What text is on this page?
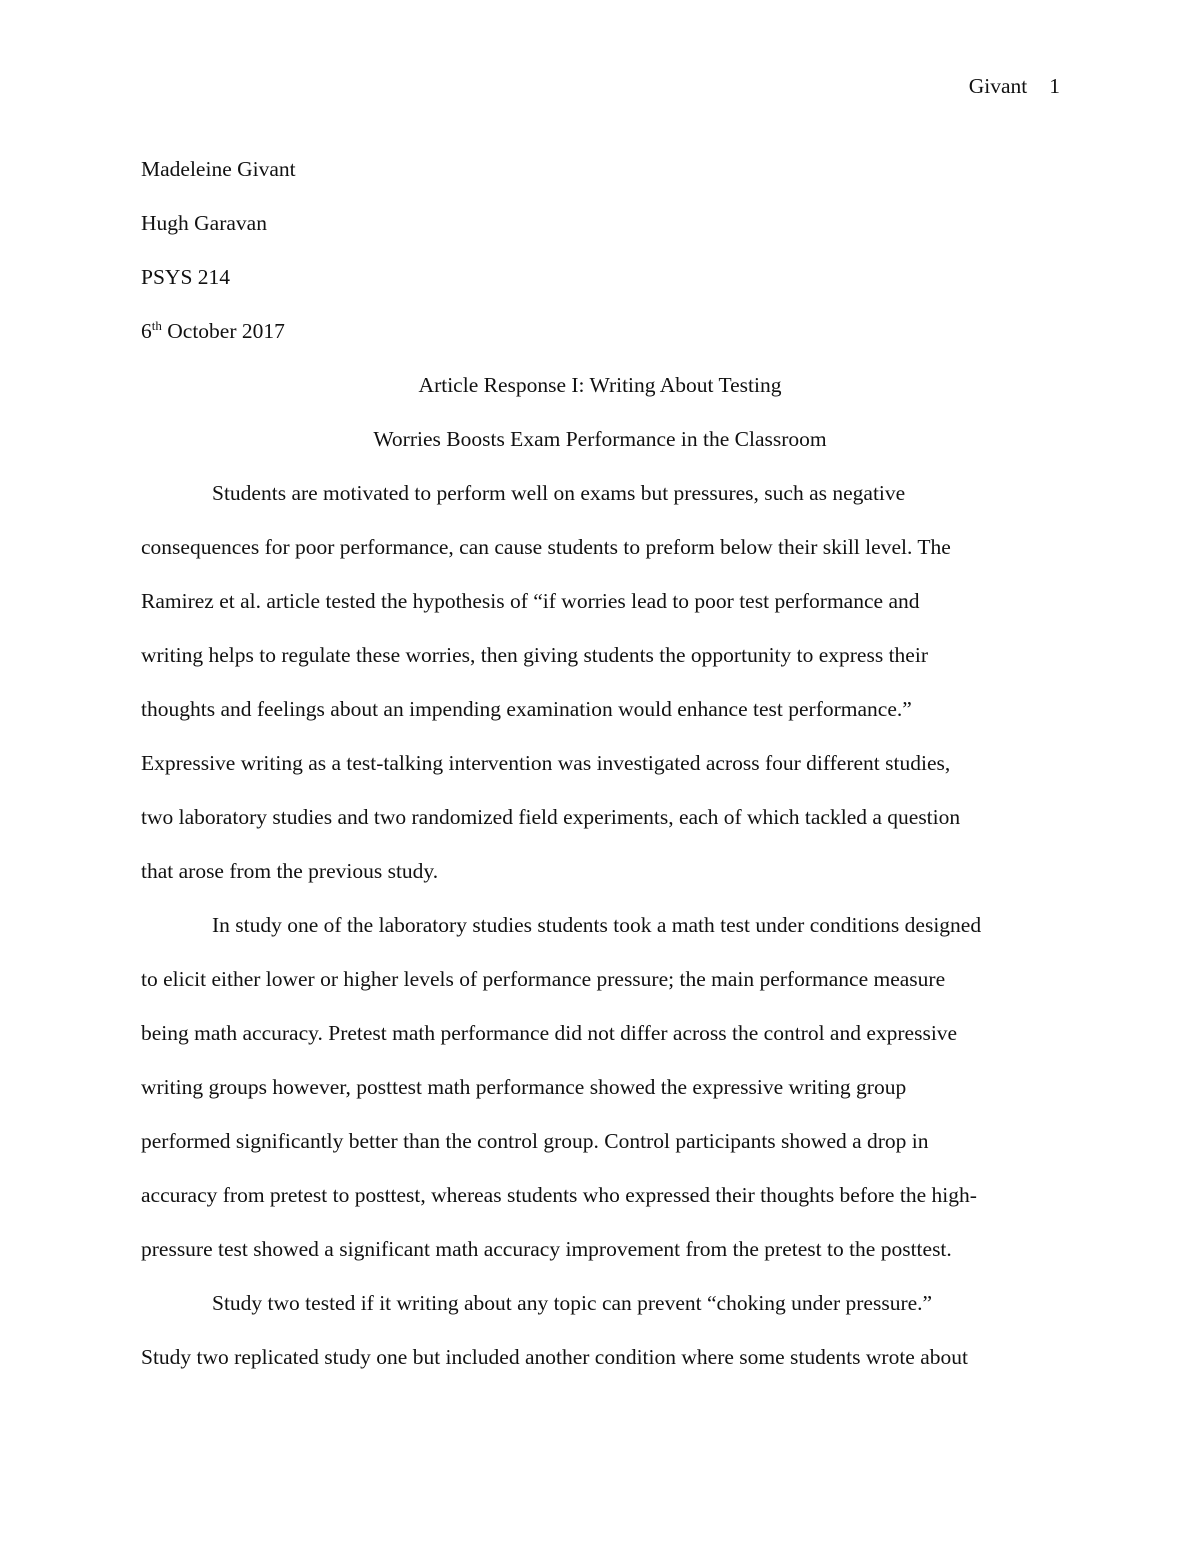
Givant 1
Madeleine Givant
Hugh Garavan
PSYS 214
6th October 2017
Article Response I: Writing About Testing
Worries Boosts Exam Performance in the Classroom
Students are motivated to perform well on exams but pressures, such as negative
consequences for poor performance, can cause students to preform below their skill level. The
Ramirez et al. article tested the hypothesis of “if worries lead to poor test performance and
writing helps to regulate these worries, then giving students the opportunity to express their
thoughts and feelings about an impending examination would enhance test performance.”
Expressive writing as a test-talking intervention was investigated across four different studies,
two laboratory studies and two randomized field experiments, each of which tackled a question
that arose from the previous study.
In study one of the laboratory studies students took a math test under conditions designed
to elicit either lower or higher levels of performance pressure; the main performance measure
being math accuracy. Pretest math performance did not differ across the control and expressive
writing groups however, posttest math performance showed the expressive writing group
performed significantly better than the control group. Control participants showed a drop in
accuracy from pretest to posttest, whereas students who expressed their thoughts before the high-
pressure test showed a significant math accuracy improvement from the pretest to the posttest.
Study two tested if it writing about any topic can prevent “choking under pressure.”
Study two replicated study one but included another condition where some students wrote about
